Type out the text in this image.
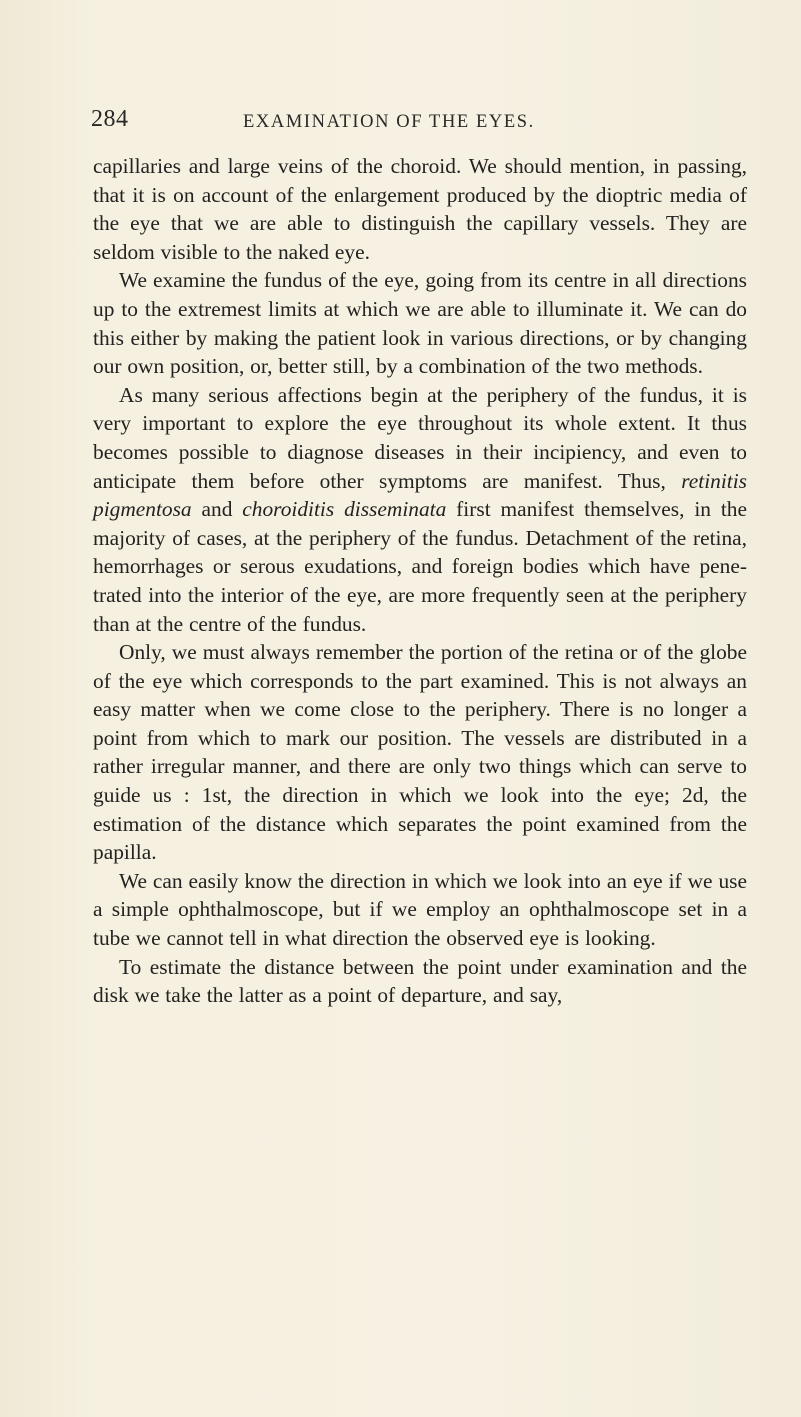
284	EXAMINATION OF THE EYES.

capillaries and large veins of the choroid. We should mention, in passing, that it is on account of the enlargement produced by the dioptric media of the eye that we are able to distinguish the capillary vessels. They are seldom visible to the naked eye.

We examine the fundus of the eye, going from its centre in all directions up to the extremest limits at which we are able to illuminate it. We can do this either by making the patient look in various directions, or by changing our own position, or, better still, by a combination of the two methods.

As many serious affections begin at the periphery of the fundus, it is very important to explore the eye throughout its whole extent. It thus becomes possible to diagnose diseases in their incipiency, and even to anticipate them before other symptoms are manifest. Thus, retinitis pigmentosa and choroiditis disseminata first manifest themselves, in the majority of cases, at the periphery of the fundus. Detachment of the retina, hemorrhages or serous exudations, and foreign bodies which have penetrated into the interior of the eye, are more frequently seen at the periphery than at the centre of the fundus.

Only, we must always remember the portion of the retina or of the globe of the eye which corresponds to the part examined. This is not always an easy matter when we come close to the periphery. There is no longer a point from which to mark our position. The vessels are distributed in a rather irregular manner, and there are only two things which can serve to guide us : 1st, the direction in which we look into the eye; 2d, the estimation of the distance which separates the point examined from the papilla.

We can easily know the direction in which we look into an eye if we use a simple ophthalmoscope, but if we employ an ophthalmoscope set in a tube we cannot tell in what direction the observed eye is looking.

To estimate the distance between the point under examination and the disk we take the latter as a point of departure, and say,
